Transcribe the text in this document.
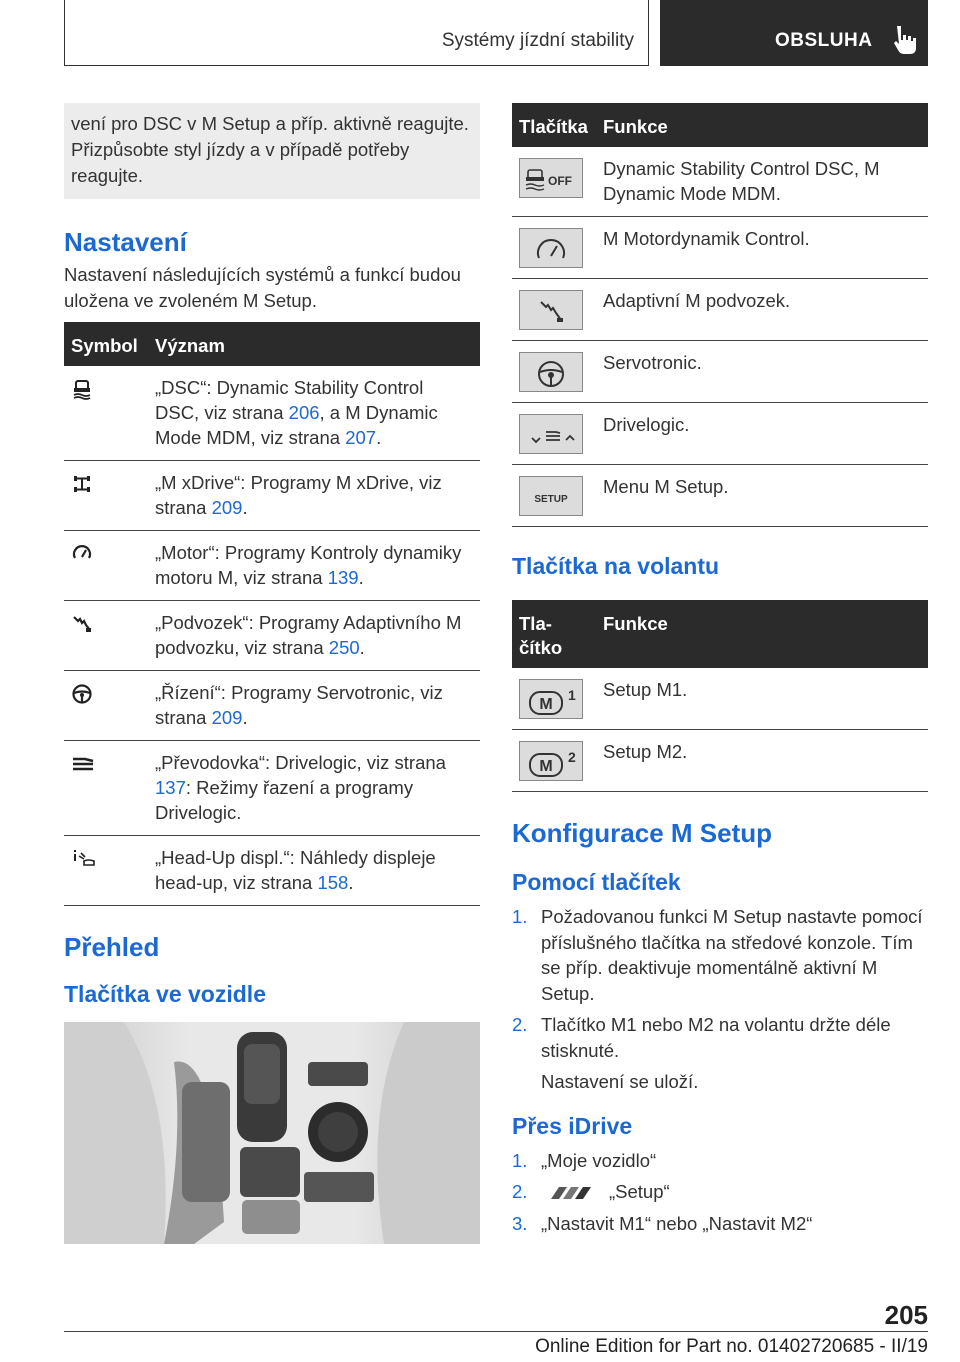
Systémy jízdní stability	OBSLUHA
vení pro DSC v M Setup a příp. aktivně reagujte. Přizpůsobte styl jízdy a v případě potřeby reagujte.
Nastavení

Nastavení následujících systémů a funkcí budou uložena ve zvoleném M Setup.

Symbol	Význam

	„DSC“: Dynamic Stability Control DSC, viz strana 206, a M Dynamic Mode MDM, viz strana 207.

	„M xDrive“: Programy M xDrive, viz strana 209.

	„Motor“: Programy Kontroly dynamiky motoru M, viz strana 139.

	„Podvozek“: Programy Adaptivního M podvozku, viz strana 250.

	„Řízení“: Programy Servotronic, viz strana 209.

	„Převodovka“: Drivelogic, viz strana 137: Režimy řazení a programy Drivelogic.

	„Head-Up displ.“: Náhledy displeje head-up, viz strana 158.
Přehled
Tlačítka ve vozidle
Tlačítka	Funkce

OFF	Dynamic Stability Control DSC, M Dynamic Mode MDM.

	M Motordynamik Control.

	Adaptivní M podvozek.

	Servotronic.

	Drivelogic.

SETUP	Menu M Setup.
Tlačítka na volantu
Tlačítko	Funkce

M
1	Setup M1.

M
2	Setup M2.
Konfigurace M Setup
Pomocí tlačítek
1. Požadovanou funkci M Setup nastavte pomocí příslušného tlačítka na středové konzole. Tím se příp. deaktivuje momentálně aktivní M Setup.
2. Tlačítko M1 nebo M2 na volantu držte déle stisknuté.
Nastavení se uloží.
Přes iDrive
1. „Moje vozidlo“
2.	„Setup“
3. „Nastavit M1“ nebo „Nastavit M2“
205
Online Edition for Part no. 01402720685 - II/19
